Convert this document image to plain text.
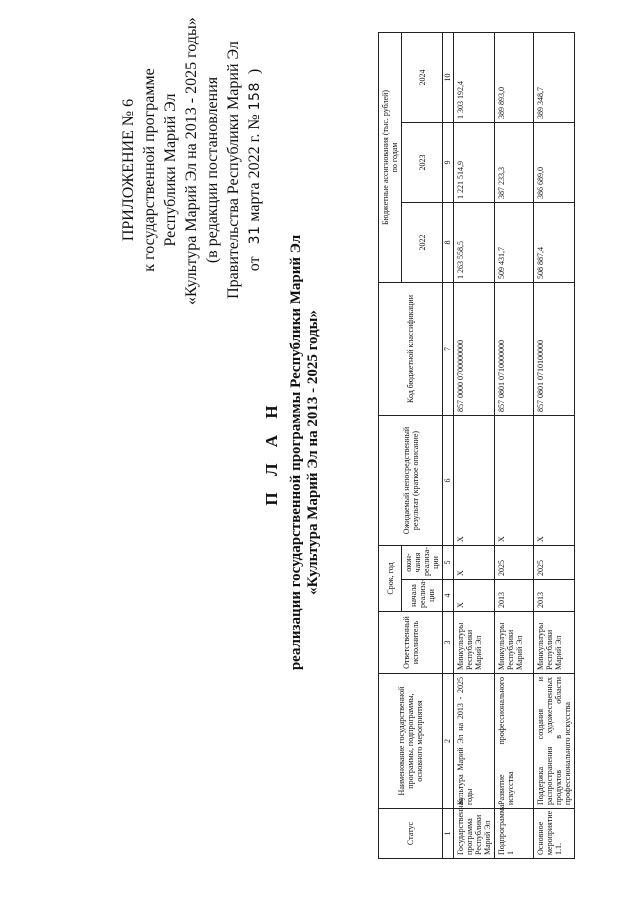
ПРИЛОЖЕНИЕ № 6 к государственной программе Республики Марий Эл «Культура Марий Эл на 2013 - 2025 годы» (в редакции постановления Правительства Республики Марий Эл от   31 марта 2022 г. № 158  )
П Л А Н реализации государственной программы Республики Марий Эл «Культура Марий Эл на 2013 - 2025 годы»
Статус	Наименование государственной программы, подпрограммы, основного мероприятия	Ответственный исполнитель	Срок, год		Ожидаемый непосредственный результат (краткое описание)	Код бюджетной классификации	Бюджетные ассигнования (тыс. рублей)
по годам		
			начала реализа-ции	окон-чания реализа-ции			2022	2023	2024

1	2	3	4	5	6	7	8	9	10
Государственная программа Республики Марий Эл	Культура Марий Эл на 2013 - 2025 годы	Минкультуры Республики Марий Эл	X	X	X	857 0000 0700000000	1 263 558,5	1 221 514,9	1 303 192,4
Подпрограмма 1	Развитие профессионального искусства	Минкультуры Республики Марий Эл	2013	2025	X	857 0801 0710000000	509 431,7	387 233,3	389 893,0
Основное мероприятие 1.1.	Поддержка создания и распространения художественных продуктов в области профессионального искусства	Минкультуры Республики Марий Эл	2013	2025	X	857 0801 0710100000	508 887,4	386 689,0	389 348,7
